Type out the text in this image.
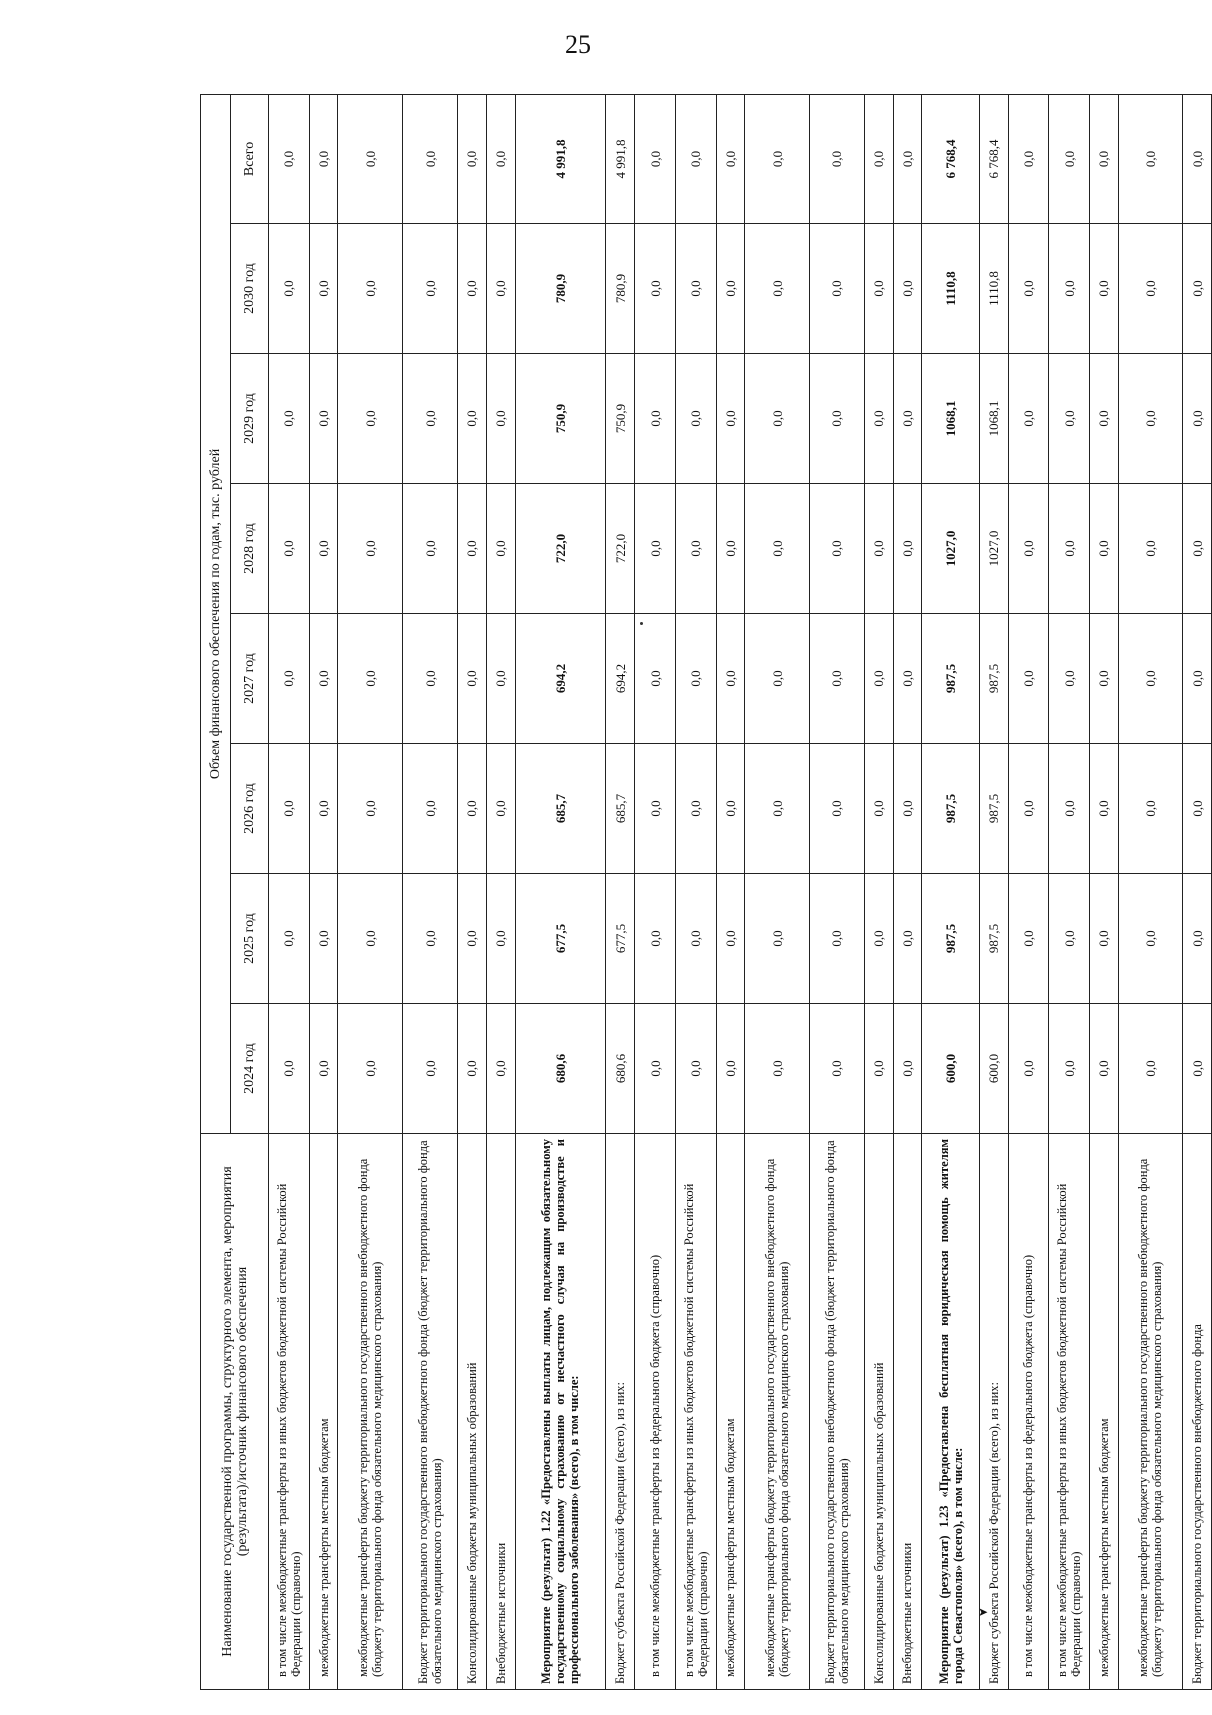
25
Наименование государственной программы, структурного элемента, мероприятия (результата)/источник финансового обеспечения	Объем финансового обеспечения по годам, тыс. рублей							
	2024 год	2025 год	2026 год	2027 год	2028 год	2029 год	2030 год	Всего
в том числе межбюджетные трансферты из иных бюджетов бюджетной системы Российской Федерации (справочно)	0,0	0,0	0,0	0,0	0,0	0,0	0,0	0,0
межбюджетные трансферты местным бюджетам	0,0	0,0	0,0	0,0	0,0	0,0	0,0	0,0
межбюджетные трансферты бюджету территориального государственного внебюджетного фонда (бюджету территориального фонда обязательного медицинского страхования)	0,0	0,0	0,0	0,0	0,0	0,0	0,0	0,0
Бюджет территориального государственного внебюджетного фонда (бюджет территориального фонда обязательного медицинского страхования)	0,0	0,0	0,0	0,0	0,0	0,0	0,0	0,0
Консолидированные бюджеты муниципальных образований	0,0	0,0	0,0	0,0	0,0	0,0	0,0	0,0
Внебюджетные источники	0,0	0,0	0,0	0,0	0,0	0,0	0,0	0,0
Мероприятие (результат) 1.22 «Предоставлены выплаты лицам, подлежащим обязательному государственному социальному страхованию от несчастного случая на производстве и профессионального заболевания» (всего), в том числе:	680,6	677,5	685,7	694,2	722,0	750,9	780,9	4 991,8
Бюджет субъекта Российской Федерации (всего), из них:	680,6	677,5	685,7	694,2	722,0	750,9	780,9	4 991,8
в том числе межбюджетные трансферты из федерального бюджета (справочно)	0,0	0,0	0,0	0,0	0,0	0,0	0,0	0,0
в том числе межбюджетные трансферты из иных бюджетов бюджетной системы Российской Федерации (справочно)	0,0	0,0	0,0	0,0	0,0	0,0	0,0	0,0
межбюджетные трансферты местным бюджетам	0,0	0,0	0,0	0,0	0,0	0,0	0,0	0,0
межбюджетные трансферты бюджету территориального государственного внебюджетного фонда (бюджету территориального фонда обязательного медицинского страхования)	0,0	0,0	0,0	0,0	0,0	0,0	0,0	0,0
Бюджет территориального государственного внебюджетного фонда (бюджет территориального фонда обязательного медицинского страхования)	0,0	0,0	0,0	0,0	0,0	0,0	0,0	0,0
Консолидированные бюджеты муниципальных образований	0,0	0,0	0,0	0,0	0,0	0,0	0,0	0,0
Внебюджетные источники	0,0	0,0	0,0	0,0	0,0	0,0	0,0	0,0
Мероприятие (результат) 1.23 «Предоставлена бесплатная юридическая помощь жителям города Севастополя» (всего), в том числе:	600,0	987,5	987,5	987,5	1027,0	1068,1	1110,8	6 768,4
Бюджет субъекта Российской Федерации (всего), из них:	600,0	987,5	987,5	987,5	1027,0	1068,1	1110,8	6 768,4
в том числе межбюджетные трансферты из федерального бюджета (справочно)	0,0	0,0	0,0	0,0	0,0	0,0	0,0	0,0
в том числе межбюджетные трансферты из иных бюджетов бюджетной системы Российской Федерации (справочно)	0,0	0,0	0,0	0,0	0,0	0,0	0,0	0,0
межбюджетные трансферты местным бюджетам	0,0	0,0	0,0	0,0	0,0	0,0	0,0	0,0
межбюджетные трансферты бюджету территориального государственного внебюджетного фонда (бюджету территориального фонда обязательного медицинского страхования)	0,0	0,0	0,0	0,0	0,0	0,0	0,0	0,0
Бюджет территориального государственного внебюджетного фонда	0,0	0,0	0,0	0,0	0,0	0,0	0,0	0,0
➤
